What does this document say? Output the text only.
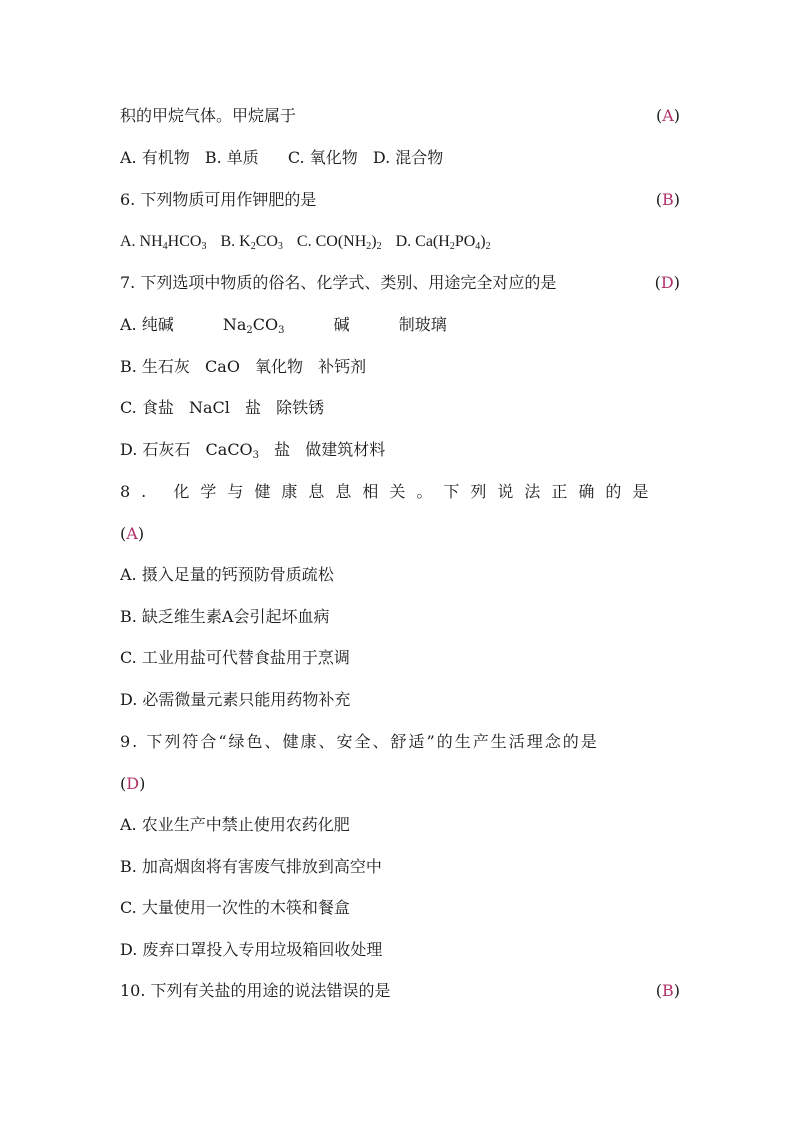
积的甲烷气体。甲烷属于	(A)
A. 有机物 B. 单质 C. 氧化物 D. 混合物
6. 下列物质可用作钾肥的是	(B)
A. $NH_4HCO_3$ B. $K_2CO_3$ C. $CO(NH_2)_2$ D. $Ca(H_2PO_4)_2$
7. 下列选项中物质的俗名、化学式、类别、用途完全对应的是	(D)
A. 纯碱	$Na_2CO_3$	碱	制玻璃
B. 生石灰 CaO 氧化物 补钙剂
C. 食盐 NaCl 盐 除铁锈
D. 石灰石 CaCO$_3$ 盐 做建筑材料
8. 化学与健康息息相关。下列说法正确的是
(A)
A. 摄入足量的钙预防骨质疏松
B. 缺乏维生素A会引起坏血病
C. 工业用盐可代替食盐用于烹调
D. 必需微量元素只能用药物补充
9. 下列符合“绿色、健康、安全、舒适”的生产生活理念的是
(D)
A. 农业生产中禁止使用农药化肥
B. 加高烟囱将有害废气排放到高空中
C. 大量使用一次性的木筷和餐盒
D. 废弃口罩投入专用垃圾箱回收处理
10. 下列有关盐的用途的说法错误的是	(B)
